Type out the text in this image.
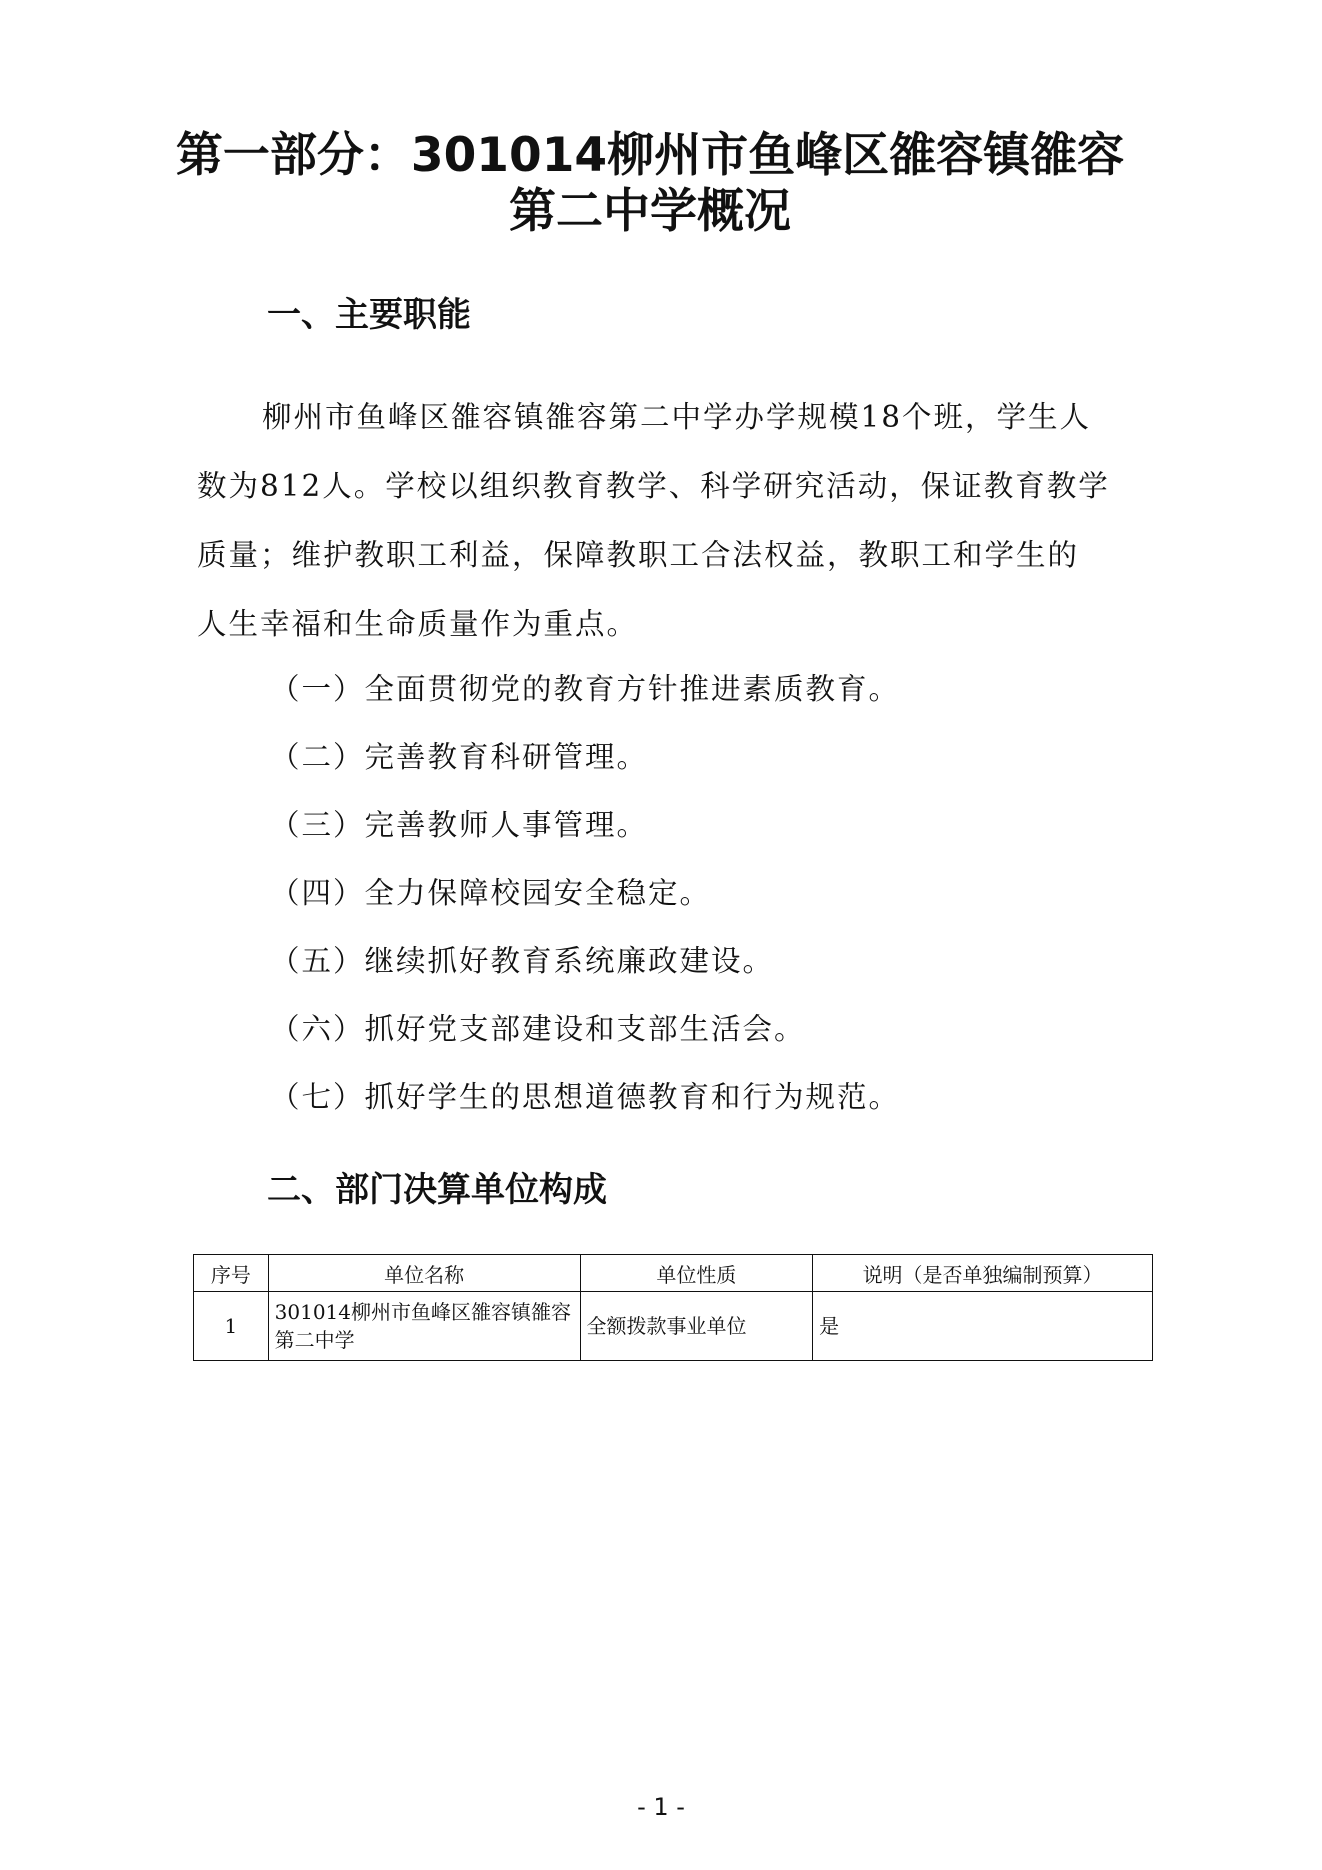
第一部分：301014柳州市鱼峰区雒容镇雒容
第二中学概况
一、主要职能
柳州市鱼峰区雒容镇雒容第二中学办学规模18个班，学生人
数为812人。学校以组织教育教学、科学研究活动，保证教育教学
质量；维护教职工利益，保障教职工合法权益，教职工和学生的
人生幸福和生命质量作为重点。
（一）全面贯彻党的教育方针推进素质教育。
（二）完善教育科研管理。
（三）完善教师人事管理。
（四）全力保障校园安全稳定。
（五）继续抓好教育系统廉政建设。
（六）抓好党支部建设和支部生活会。
（七）抓好学生的思想道德教育和行为规范。
二、部门决算单位构成
序号	单位名称	单位性质	说明（是否单独编制预算）
1	301014柳州市鱼峰区雒容镇雒容第二中学	全额拨款事业单位	是
- 1 -
